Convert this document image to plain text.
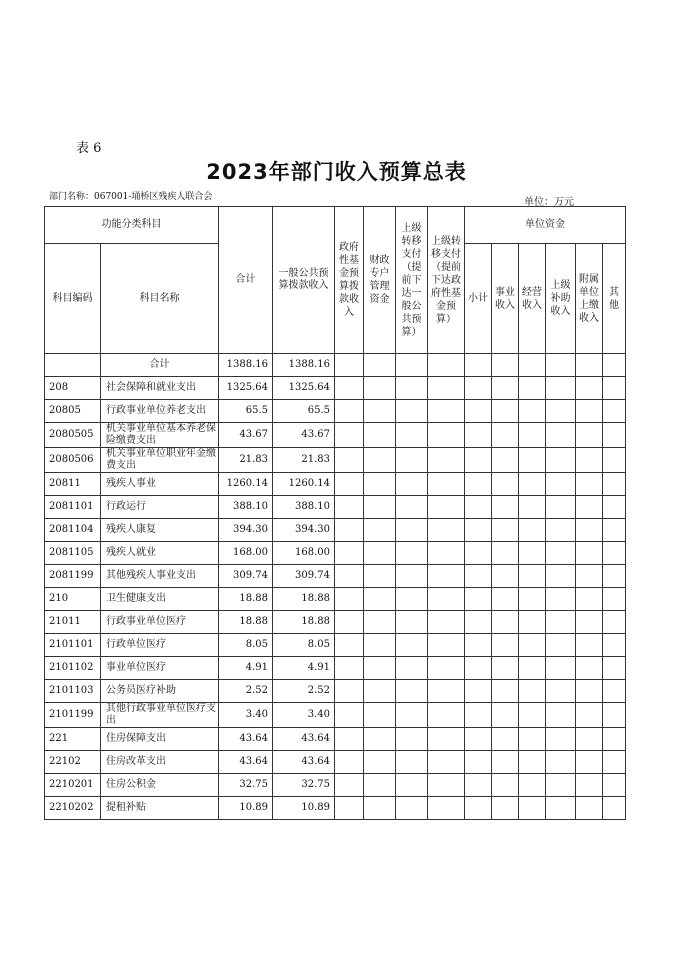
表 6
2023年部门收入预算总表
部门名称：067001-埇桥区残疾人联合会	单位：万元
功能分类科目		合计	一般公共预算拨款收入	政府性基金预算拨款收入	财政专户管理资金	上级转移支付（提前下达一般公共预算）	上级转移支付（提前下达政府性基金预算）	单位资金					
科目编码	科目名称							小计	事业收入	经营收入	上级补助收入	附属单位上缴收入	其他
	合计	1388.16	1388.16										
208	社会保障和就业支出	1325.64	1325.64										
20805	行政事业单位养老支出	65.5	65.5										
2080505	机关事业单位基本养老保险缴费支出	43.67	43.67										
2080506	机关事业单位职业年金缴费支出	21.83	21.83										
20811	残疾人事业	1260.14	1260.14										
2081101	行政运行	388.10	388.10										
2081104	残疾人康复	394.30	394.30										
2081105	残疾人就业	168.00	168.00										
2081199	其他残疾人事业支出	309.74	309.74										
210	卫生健康支出	18.88	18.88										
21011	行政事业单位医疗	18.88	18.88										
2101101	行政单位医疗	8.05	8.05										
2101102	事业单位医疗	4.91	4.91										
2101103	公务员医疗补助	2.52	2.52										
2101199	其他行政事业单位医疗支出	3.40	3.40										
221	住房保障支出	43.64	43.64										
22102	住房改革支出	43.64	43.64										
2210201	住房公积金	32.75	32.75										
2210202	提租补贴	10.89	10.89										
